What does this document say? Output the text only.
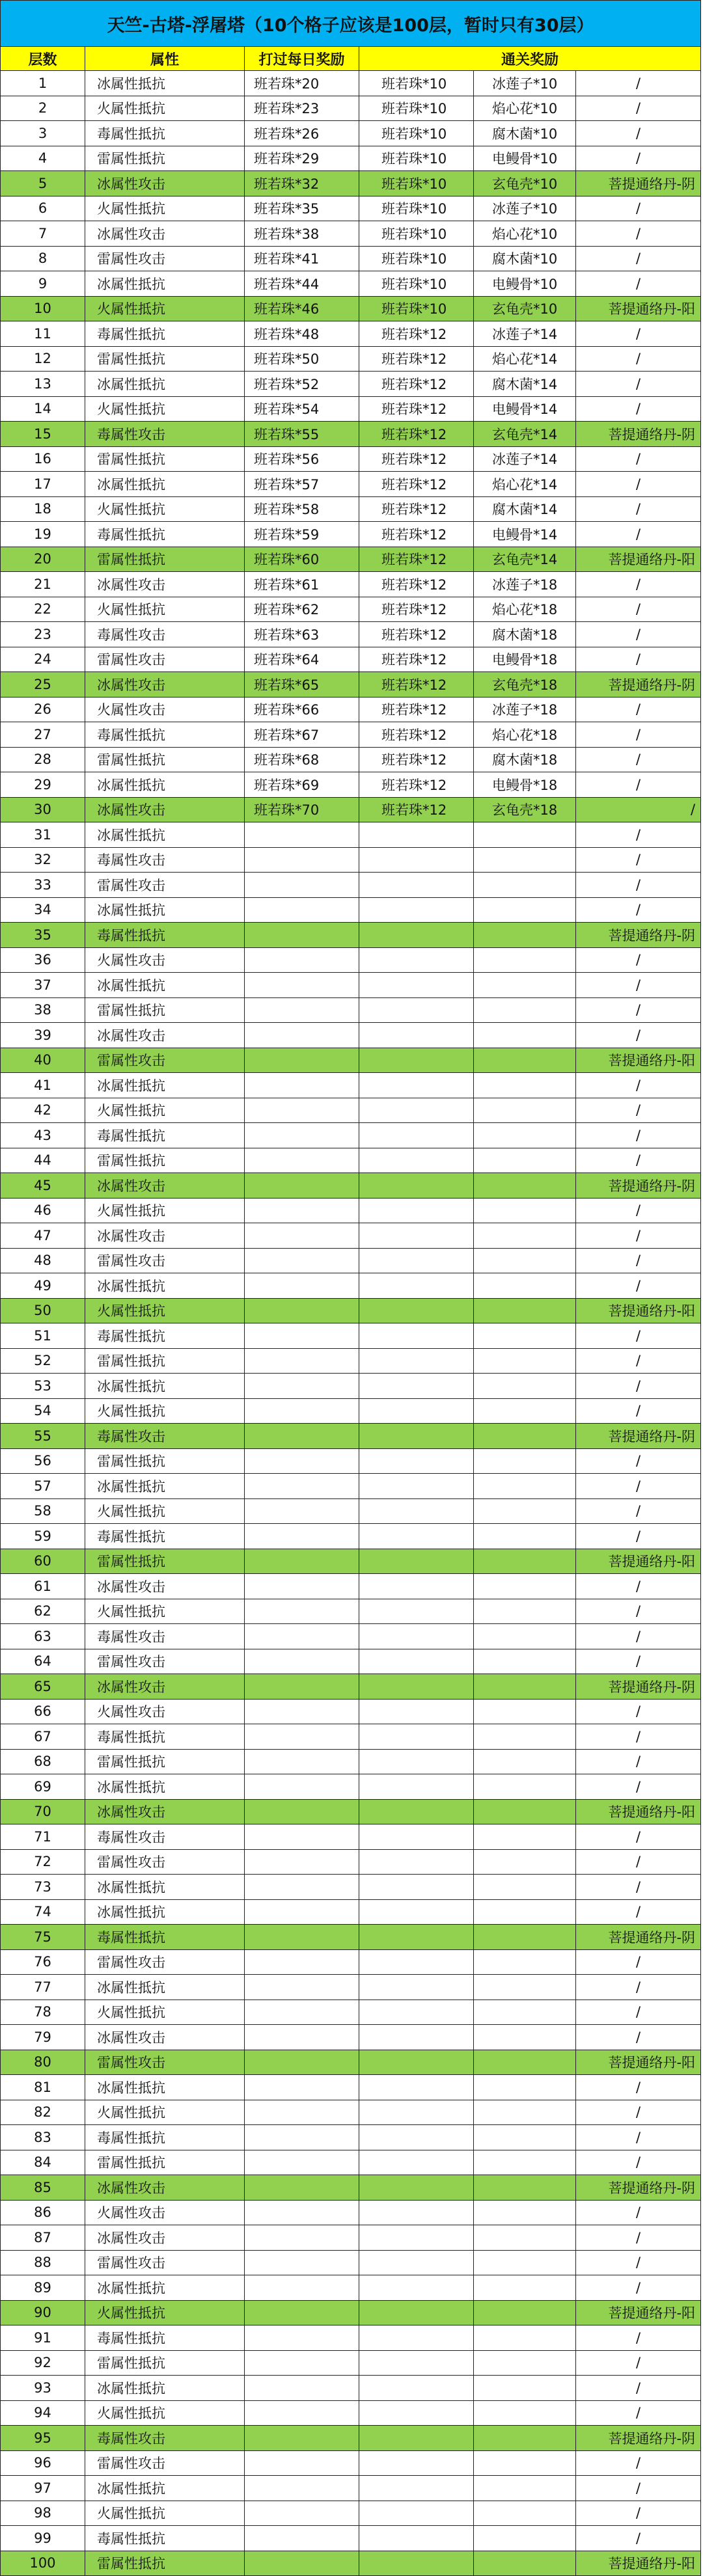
天竺-古塔-浮屠塔（10个格子应该是100层，暂时只有30层）					
层数	属性	打过每日奖励	通关奖励		
1	冰属性抵抗	班若珠*20	班若珠*10	冰莲子*10	/
2	火属性抵抗	班若珠*23	班若珠*10	焰心花*10	/
3	毒属性抵抗	班若珠*26	班若珠*10	腐木菌*10	/
4	雷属性抵抗	班若珠*29	班若珠*10	电鳗骨*10	/
5	冰属性攻击	班若珠*32	班若珠*10	玄龟壳*10	菩提通络丹-阴
6	火属性抵抗	班若珠*35	班若珠*10	冰莲子*10	/
7	冰属性攻击	班若珠*38	班若珠*10	焰心花*10	/
8	雷属性攻击	班若珠*41	班若珠*10	腐木菌*10	/
9	冰属性抵抗	班若珠*44	班若珠*10	电鳗骨*10	/
10	火属性抵抗	班若珠*46	班若珠*10	玄龟壳*10	菩提通络丹-阳
11	毒属性抵抗	班若珠*48	班若珠*12	冰莲子*14	/
12	雷属性抵抗	班若珠*50	班若珠*12	焰心花*14	/
13	冰属性抵抗	班若珠*52	班若珠*12	腐木菌*14	/
14	火属性抵抗	班若珠*54	班若珠*12	电鳗骨*14	/
15	毒属性攻击	班若珠*55	班若珠*12	玄龟壳*14	菩提通络丹-阴
16	雷属性抵抗	班若珠*56	班若珠*12	冰莲子*14	/
17	冰属性抵抗	班若珠*57	班若珠*12	焰心花*14	/
18	火属性抵抗	班若珠*58	班若珠*12	腐木菌*14	/
19	毒属性抵抗	班若珠*59	班若珠*12	电鳗骨*14	/
20	雷属性抵抗	班若珠*60	班若珠*12	玄龟壳*14	菩提通络丹-阳
21	冰属性攻击	班若珠*61	班若珠*12	冰莲子*18	/
22	火属性抵抗	班若珠*62	班若珠*12	焰心花*18	/
23	毒属性攻击	班若珠*63	班若珠*12	腐木菌*18	/
24	雷属性攻击	班若珠*64	班若珠*12	电鳗骨*18	/
25	冰属性攻击	班若珠*65	班若珠*12	玄龟壳*18	菩提通络丹-阴
26	火属性攻击	班若珠*66	班若珠*12	冰莲子*18	/
27	毒属性抵抗	班若珠*67	班若珠*12	焰心花*18	/
28	雷属性抵抗	班若珠*68	班若珠*12	腐木菌*18	/
29	冰属性抵抗	班若珠*69	班若珠*12	电鳗骨*18	/
30	冰属性攻击	班若珠*70	班若珠*12	玄龟壳*18	/
31	冰属性抵抗				/
32	毒属性攻击				/
33	雷属性攻击				/
34	冰属性抵抗				/
35	毒属性抵抗				菩提通络丹-阴
36	火属性攻击				/
37	冰属性抵抗				/
38	雷属性抵抗				/
39	冰属性攻击				/
40	雷属性攻击				菩提通络丹-阳
41	冰属性抵抗				/
42	火属性抵抗				/
43	毒属性抵抗				/
44	雷属性抵抗				/
45	冰属性攻击				菩提通络丹-阴
46	火属性抵抗				/
47	冰属性攻击				/
48	雷属性攻击				/
49	冰属性抵抗				/
50	火属性抵抗				菩提通络丹-阳
51	毒属性抵抗				/
52	雷属性抵抗				/
53	冰属性抵抗				/
54	火属性抵抗				/
55	毒属性攻击				菩提通络丹-阴
56	雷属性抵抗				/
57	冰属性抵抗				/
58	火属性抵抗				/
59	毒属性抵抗				/
60	雷属性抵抗				菩提通络丹-阳
61	冰属性攻击				/
62	火属性抵抗				/
63	毒属性攻击				/
64	雷属性攻击				/
65	冰属性攻击				菩提通络丹-阴
66	火属性攻击				/
67	毒属性抵抗				/
68	雷属性抵抗				/
69	冰属性抵抗				/
70	冰属性攻击				菩提通络丹-阳
71	毒属性攻击				/
72	雷属性攻击				/
73	冰属性抵抗				/
74	冰属性抵抗				/
75	毒属性抵抗				菩提通络丹-阴
76	雷属性攻击				/
77	冰属性抵抗				/
78	火属性抵抗				/
79	冰属性攻击				/
80	雷属性攻击				菩提通络丹-阳
81	冰属性抵抗				/
82	火属性抵抗				/
83	毒属性抵抗				/
84	雷属性抵抗				/
85	冰属性攻击				菩提通络丹-阴
86	火属性攻击				/
87	冰属性攻击				/
88	雷属性攻击				/
89	冰属性抵抗				/
90	火属性抵抗				菩提通络丹-阳
91	毒属性抵抗				/
92	雷属性抵抗				/
93	冰属性抵抗				/
94	火属性抵抗				/
95	毒属性攻击				菩提通络丹-阴
96	雷属性攻击				/
97	冰属性抵抗				/
98	火属性抵抗				/
99	毒属性抵抗				/
100	雷属性抵抗				菩提通络丹-阳
